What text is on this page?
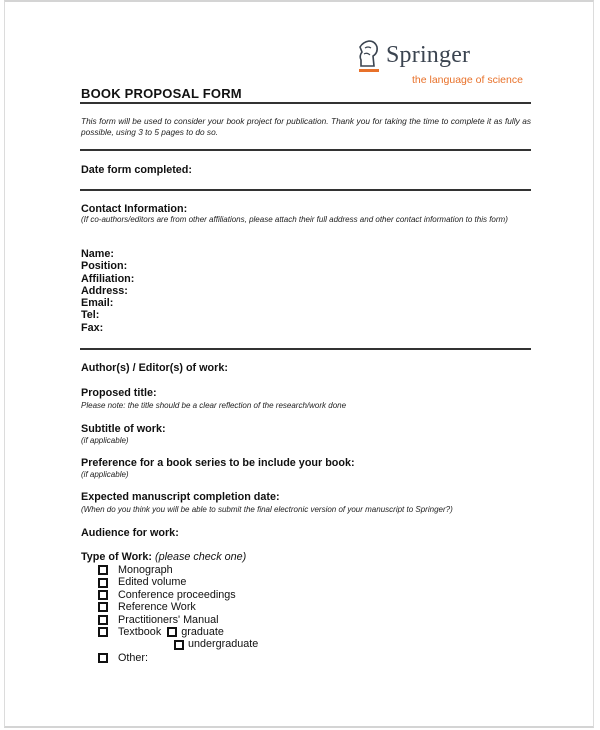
Springer
the language of science
BOOK PROPOSAL FORM
This form will be used to consider your book project for publication. Thank you for taking the time to complete it as fully as possible, using 3 to 5 pages to do so.
Date form completed:
Contact Information:
(If co-authors/editors are from other affiliations, please attach their full address and other contact information to this form)
Name:
Position:
Affiliation:
Address:
Email:
Tel:
Fax:
Author(s) / Editor(s) of work:
Proposed title:
Please note: the title should be a clear reflection of the research/work done
Subtitle of work:
(if applicable)
Preference for a book series to be include your book:
(if applicable)
Expected manuscript completion date:
(When do you think you will be able to submit the final electronic version of your manuscript to Springer?)
Audience for work:
Type of Work: (please check one)
Monograph
Edited volume
Conference proceedings
Reference Work
Practitioners' Manual
Textbook graduate
undergraduate
Other:
